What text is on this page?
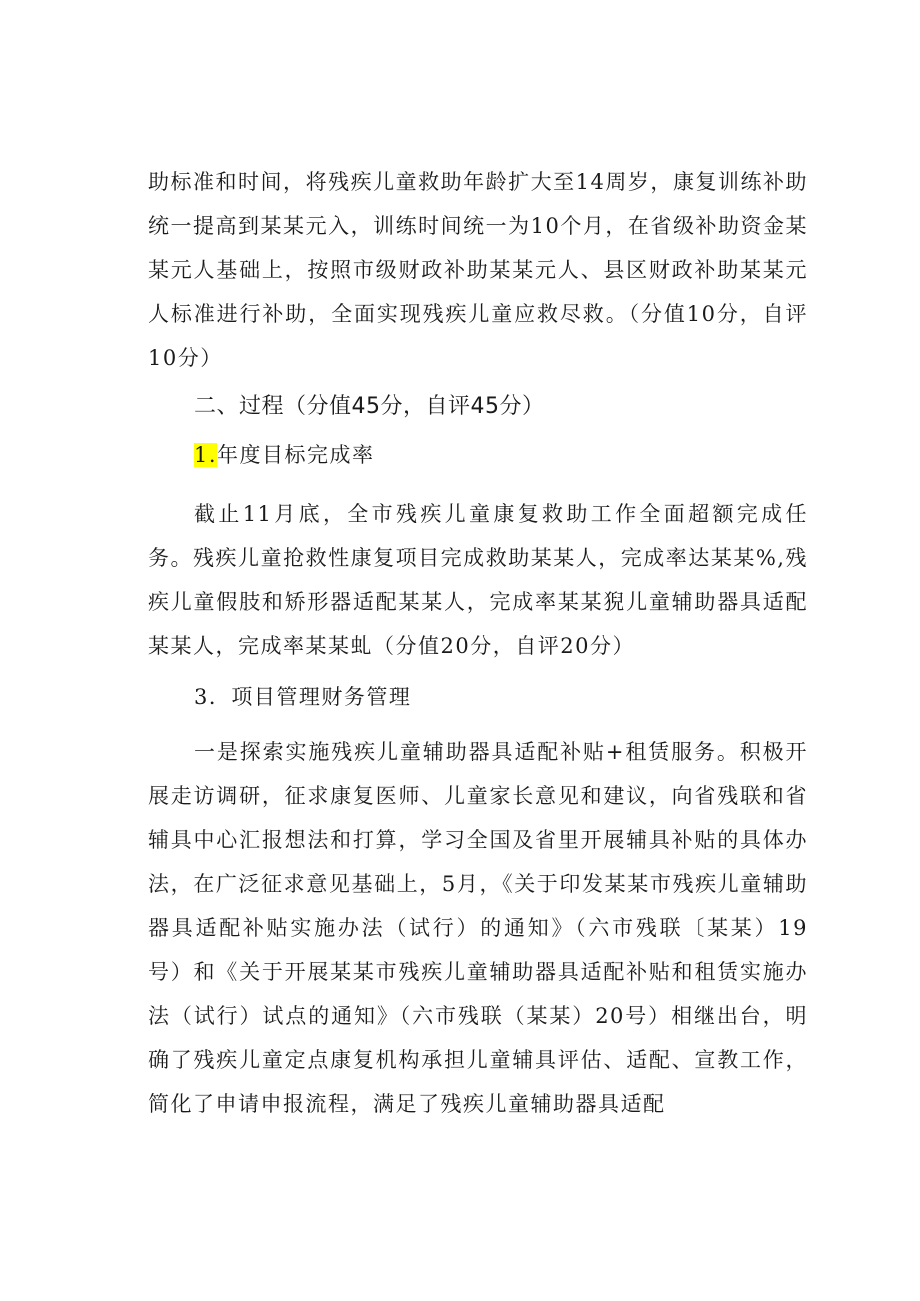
助标准和时间，将残疾儿童救助年龄扩大至14周岁，康复训练补助统一提高到某某元入，训练时间统一为10个月，在省级补助资金某某元人基础上，按照市级财政补助某某元人、县区财政补助某某元人标准进行补助，全面实现残疾儿童应救尽救。（分值10分，自评10分）

二、过程（分值45分，自评45分）
1.年度目标完成率

截止11月底，全市残疾儿童康复救助工作全面超额完成任务。残疾儿童抢救性康复项目完成救助某某人，完成率达某某%,残疾儿童假肢和矫形器适配某某人，完成率某某猊儿童辅助器具适配某某人，完成率某某虬（分值20分，自评20分）

3．项目管理财务管理

一是探索实施残疾儿童辅助器具适配补贴+租赁服务。积极开展走访调研，征求康复医师、儿童家长意见和建议，向省残联和省辅具中心汇报想法和打算，学习全国及省里开展辅具补贴的具体办法，在广泛征求意见基础上，5月，《关于印发某某市残疾儿童辅助器具适配补贴实施办法（试行）的通知》（六市残联〔某某）19号）和《关于开展某某市残疾儿童辅助器具适配补贴和租赁实施办法（试行）试点的通知》（六市残联（某某）20号）相继出台，明确了残疾儿童定点康复机构承担儿童辅具评估、适配、宣教工作，简化了申请申报流程，满足了残疾儿童辅助器具适配
